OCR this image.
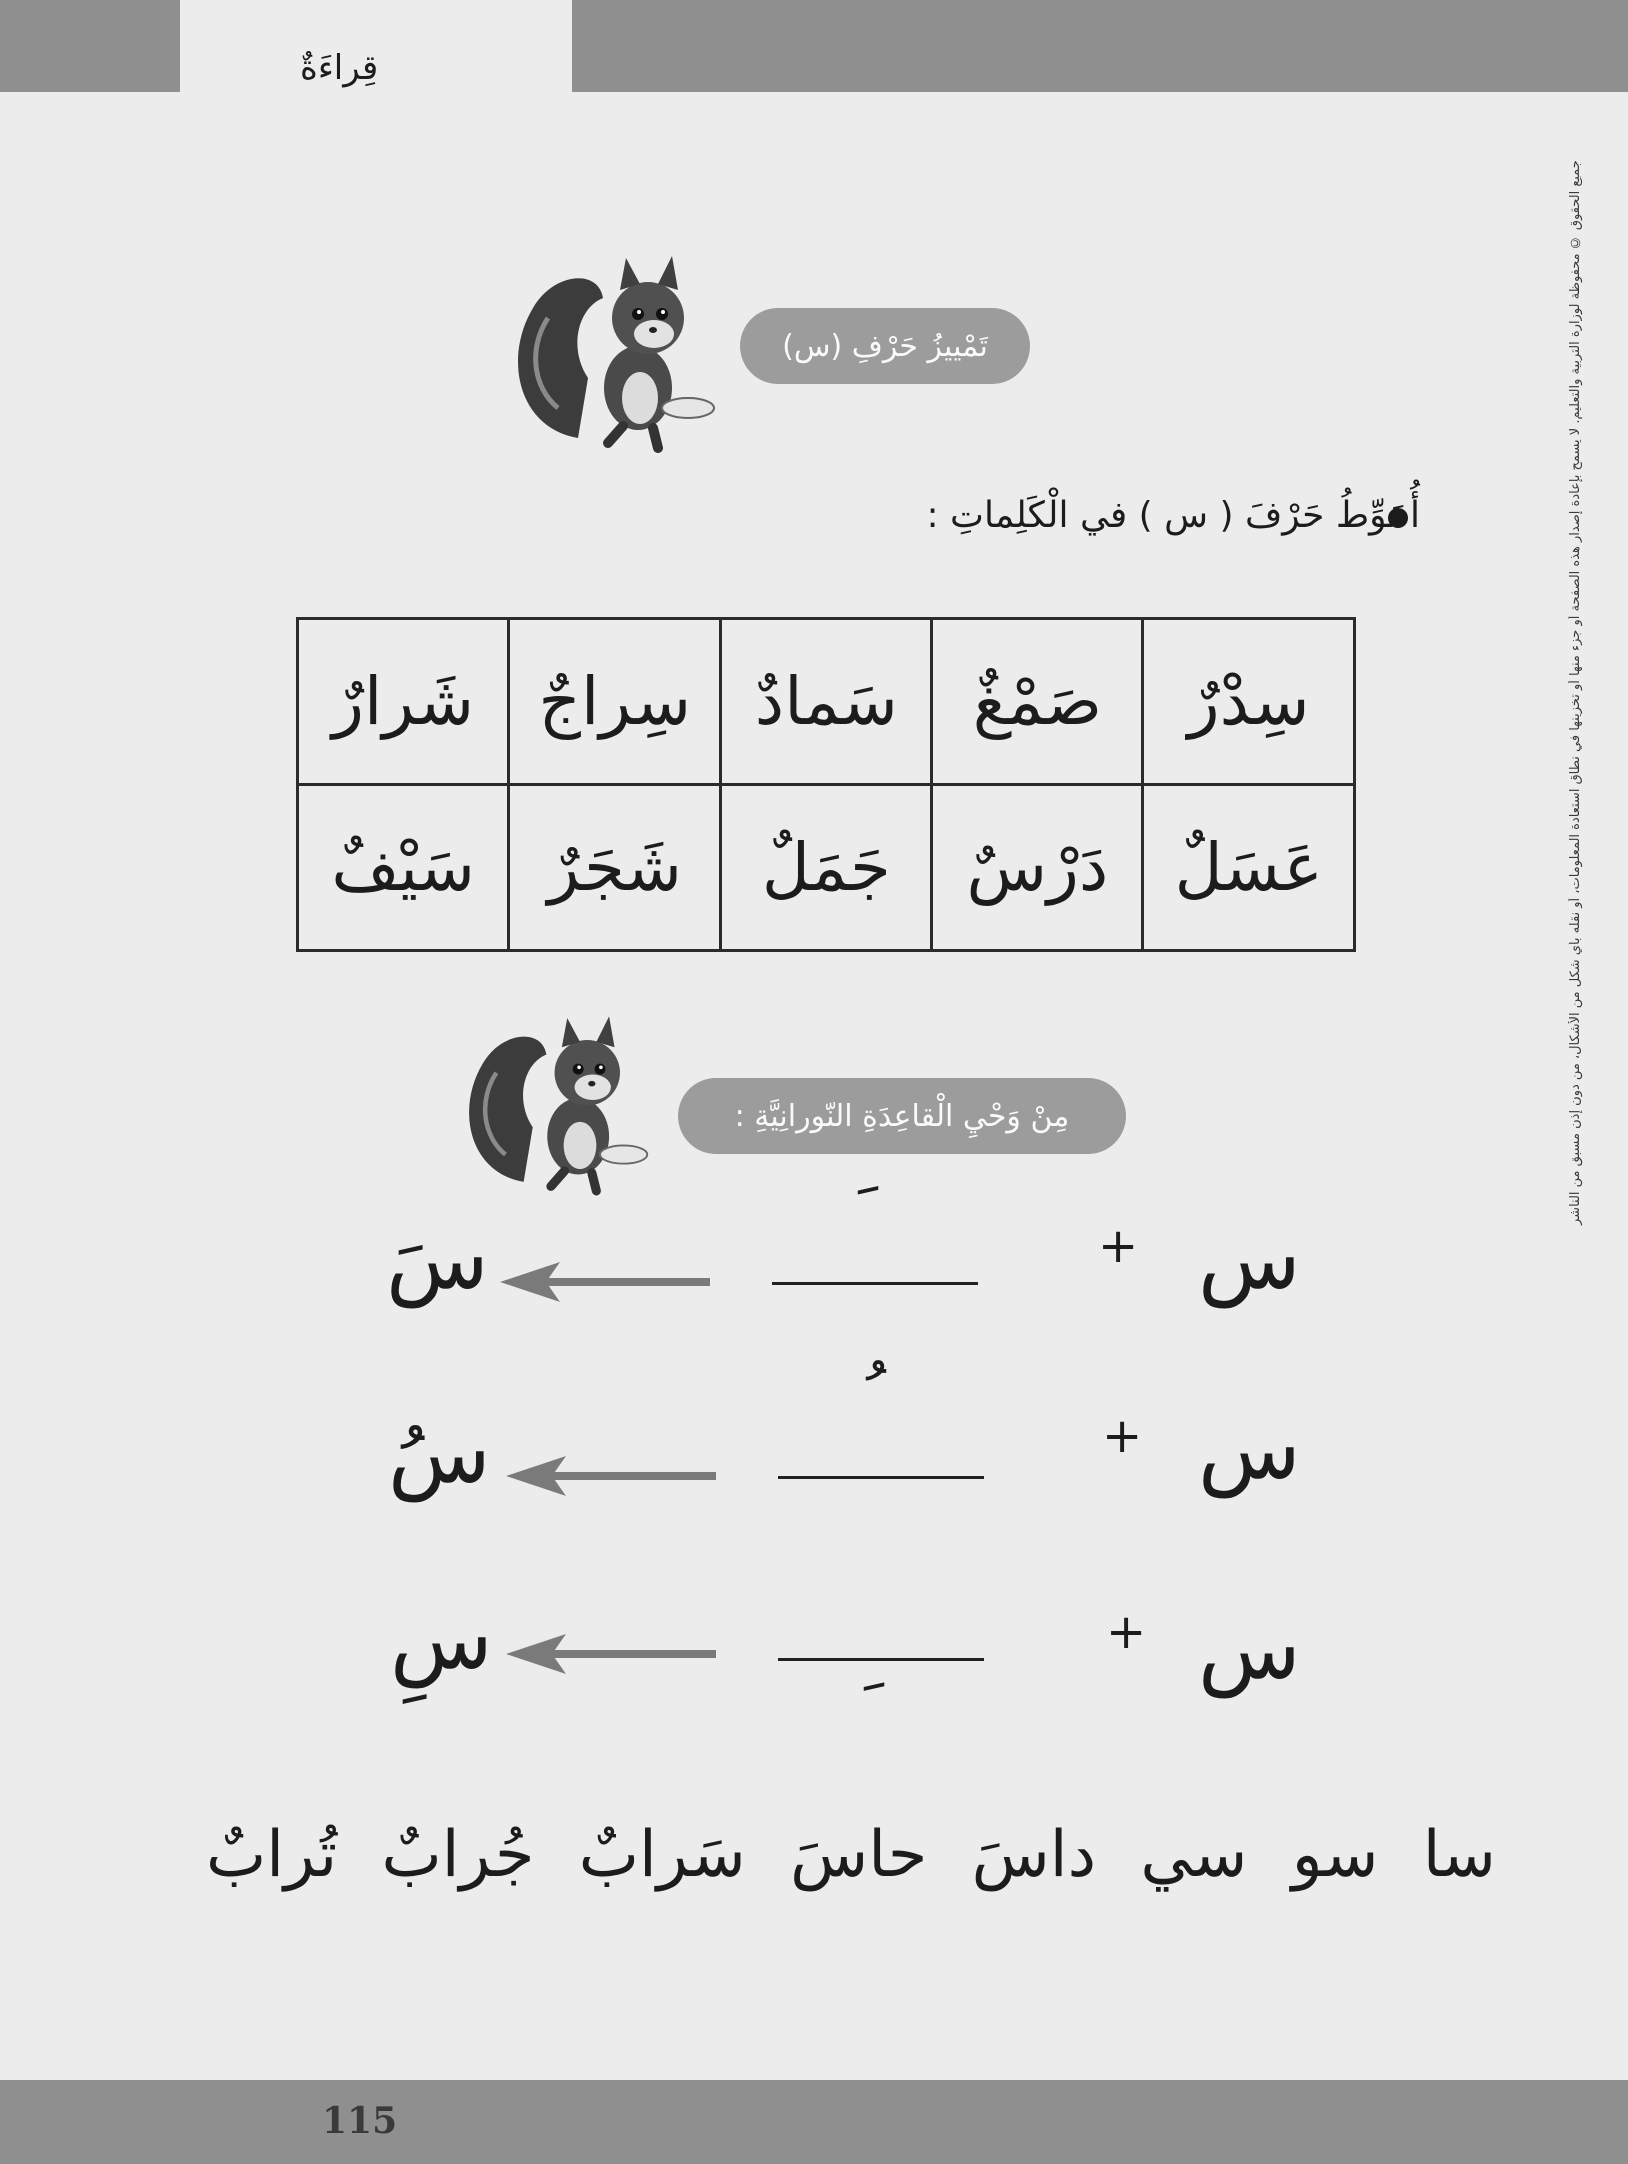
قِراءَةٌ
جميع الحقوق © محفوظة لوزارة التربية والتعليم. لا يسمح بإعادة إصدار هذه الصفحة أو جزء منها أو تخزينها في نطاق استعادة المعلومات، أو نقله بأي شكل من الأشكال، من دون إذن مسبق من الناشر
تَمْييزُ حَرْفِ (س)
أُحَوِّطُ حَرْفَ ( س ) في الْكَلِماتِ :
سِدْرٌ	صَمْغٌ	سَمادٌ	سِراجٌ	شَرارٌ
عَسَلٌ	دَرْسٌ	جَمَلٌ	شَجَرٌ	سَيْفٌ
مِنْ وَحْيِ الْقاعِدَةِ النّورانِيَّةِ :
س
+
سَ
س
+
سُ
س
+
سِ
سا
سو
سي
داسَ
حاسَ
سَرابٌ
جُرابٌ
تُرابٌ
115
